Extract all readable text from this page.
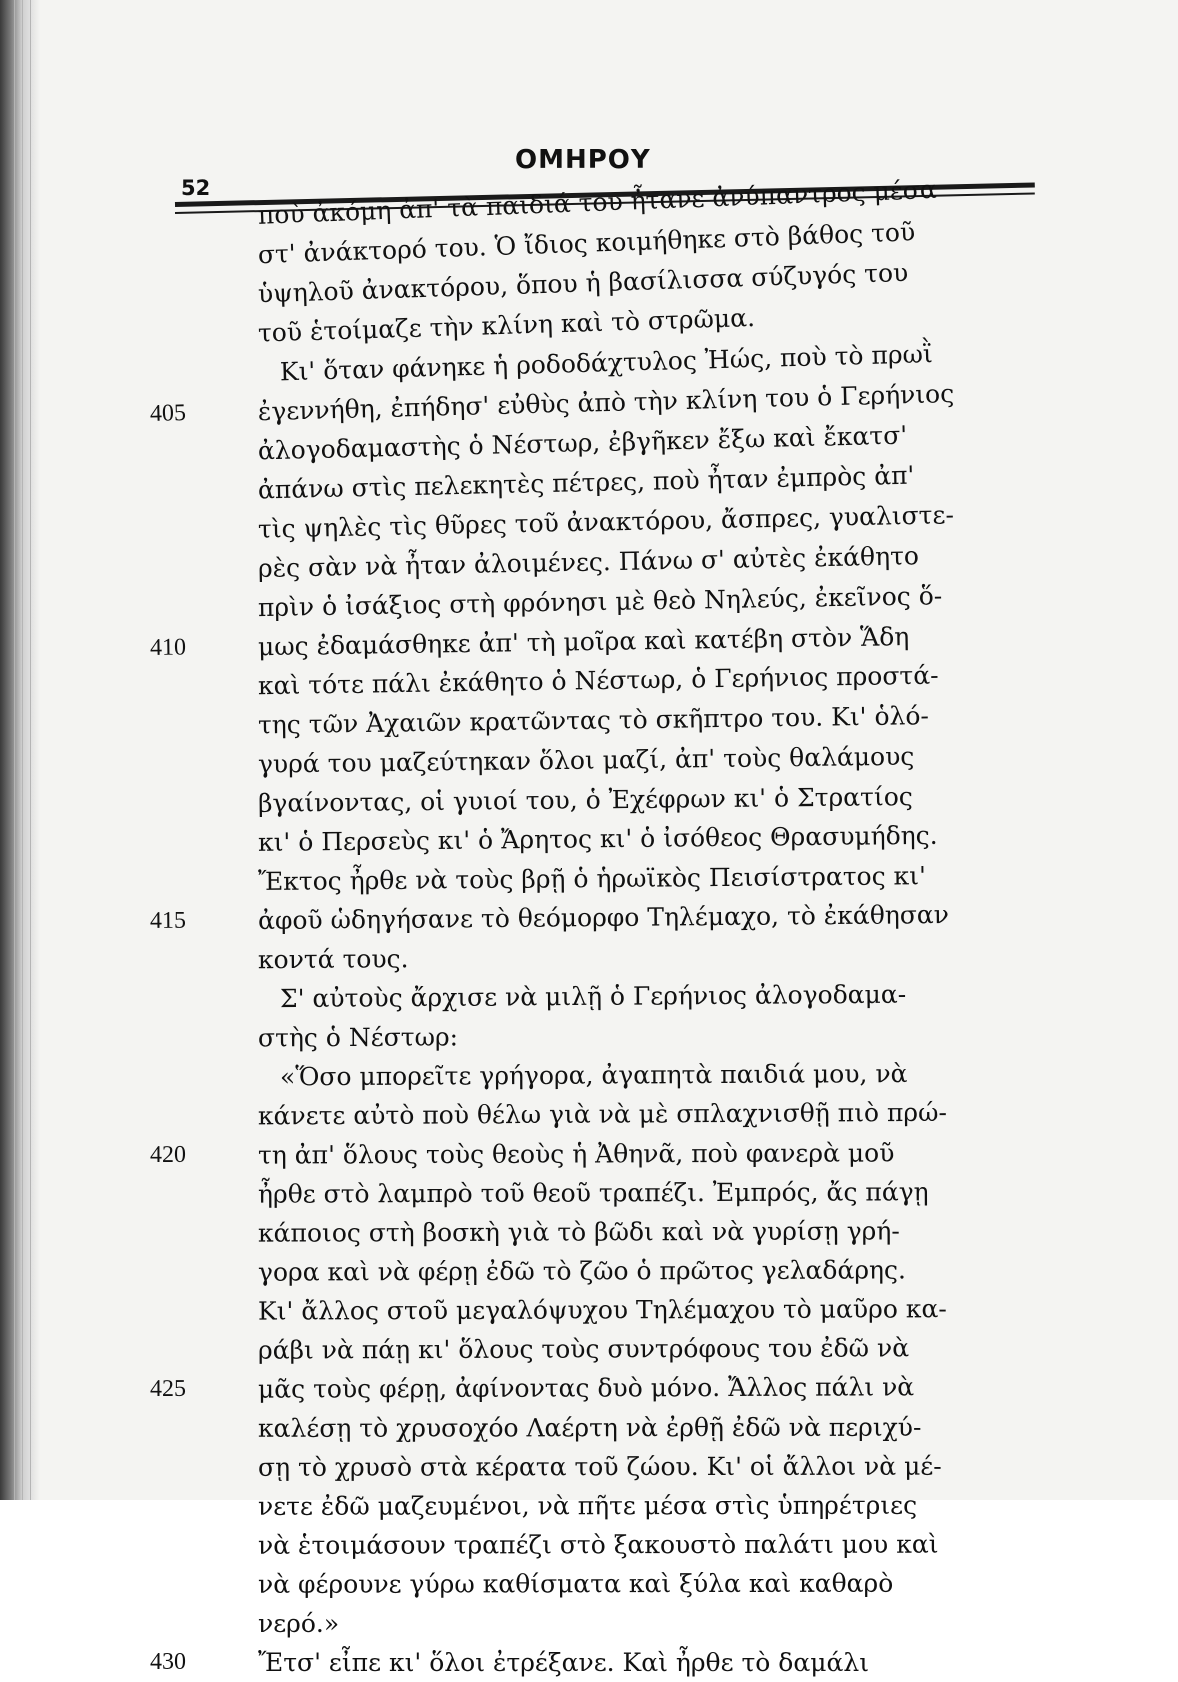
52
ΟΜΗΡΟΥ
ποὺ ἀκόμη ἀπ' τὰ παιδιά του ἦτανε ἀνύπαντρος μέσα
στ' ἀνάκτορό του. Ὁ ἴδιος κοιμήθηκε στὸ βάθος τοῦ
ὑψηλοῦ ἀνακτόρου, ὅπου ἡ βασίλισσα σύζυγός του
τοῦ ἑτοίμαζε τὴν κλίνη καὶ τὸ στρῶμα.
Κι' ὅταν φάνηκε ἡ ροδοδάχτυλος Ἠώς, ποὺ τὸ πρωῒ
405	ἐγεννήθη, ἐπήδησ' εὐθὺς ἀπὸ τὴν κλίνη του ὁ Γερήνιος
ἀλογοδαμαστὴς ὁ Νέστωρ, ἐβγῆκεν ἔξω καὶ ἔκατσ'
ἀπάνω στὶς πελεκητὲς πέτρες, ποὺ ἦταν ἐμπρὸς ἀπ'
τὶς ψηλὲς τὶς θῦρες τοῦ ἀνακτόρου, ἄσπρες, γυαλιστε-
ρὲς σὰν νὰ ἦταν ἀλοιμένες. Πάνω σ' αὐτὲς ἐκάθητο
πρὶν ὁ ἰσάξιος στὴ φρόνησι μὲ θεὸ Νηλεύς, ἐκεῖνος ὅ-
410	μως ἐδαμάσθηκε ἀπ' τὴ μοῖρα καὶ κατέβη στὸν Ἅδη
καὶ τότε πάλι ἐκάθητο ὁ Νέστωρ, ὁ Γερήνιος προστά-
της τῶν Ἀχαιῶν κρατῶντας τὸ σκῆπτρο του. Κι' ὁλό-
γυρά του μαζεύτηκαν ὅλοι μαζί, ἀπ' τοὺς θαλάμους
βγαίνοντας, οἱ γυιοί του, ὁ Ἐχέφρων κι' ὁ Στρατίος
κι' ὁ Περσεὺς κι' ὁ Ἄρητος κι' ὁ ἰσόθεος Θρασυμήδης.
Ἔκτος ἦρθε νὰ τοὺς βρῇ ὁ ἡρωϊκὸς Πεισίστρατος κι'
415	ἀφοῦ ὡδηγήσανε τὸ θεόμορφο Τηλέμαχο, τὸ ἐκάθησαν
κοντά τους.
Σ' αὐτοὺς ἄρχισε νὰ μιλῇ ὁ Γερήνιος ἀλογοδαμα-
στὴς ὁ Νέστωρ:
«Ὅσο μπορεῖτε γρήγορα, ἀγαπητὰ παιδιά μου, νὰ
κάνετε αὐτὸ ποὺ θέλω γιὰ νὰ μὲ σπλαχνισθῇ πιὸ πρώ-
420	τη ἀπ' ὅλους τοὺς θεοὺς ἡ Ἀθηνᾶ, ποὺ φανερὰ μοῦ
ἦρθε στὸ λαμπρὸ τοῦ θεοῦ τραπέζι. Ἐμπρός, ἄς πάγῃ
κάποιος στὴ βοσκὴ γιὰ τὸ βῶδι καὶ νὰ γυρίσῃ γρή-
γορα καὶ νὰ φέρῃ ἐδῶ τὸ ζῶο ὁ πρῶτος γελαδάρης.
Κι' ἄλλος στοῦ μεγαλόψυχου Τηλέμαχου τὸ μαῦρο κα-
ράβι νὰ πάῃ κι' ὅλους τοὺς συντρόφους του ἐδῶ νὰ
425	μᾶς τοὺς φέρῃ, ἀφίνοντας δυὸ μόνο. Ἄλλος πάλι νὰ
καλέσῃ τὸ χρυσοχόο Λαέρτη νὰ ἐρθῇ ἐδῶ νὰ περιχύ-
σῃ τὸ χρυσὸ στὰ κέρατα τοῦ ζώου. Κι' οἱ ἄλλοι νὰ μέ-
νετε ἐδῶ μαζευμένοι, νὰ πῆτε μέσα στὶς ὑπηρέτριες
νὰ ἑτοιμάσουν τραπέζι στὸ ξακουστὸ παλάτι μου καὶ
νὰ φέρουνε γύρω καθίσματα καὶ ξύλα καὶ καθαρὸ
νερό.»
430	Ἔτσ' εἶπε κι' ὅλοι ἐτρέξανε. Καὶ ἦρθε τὸ δαμάλι
